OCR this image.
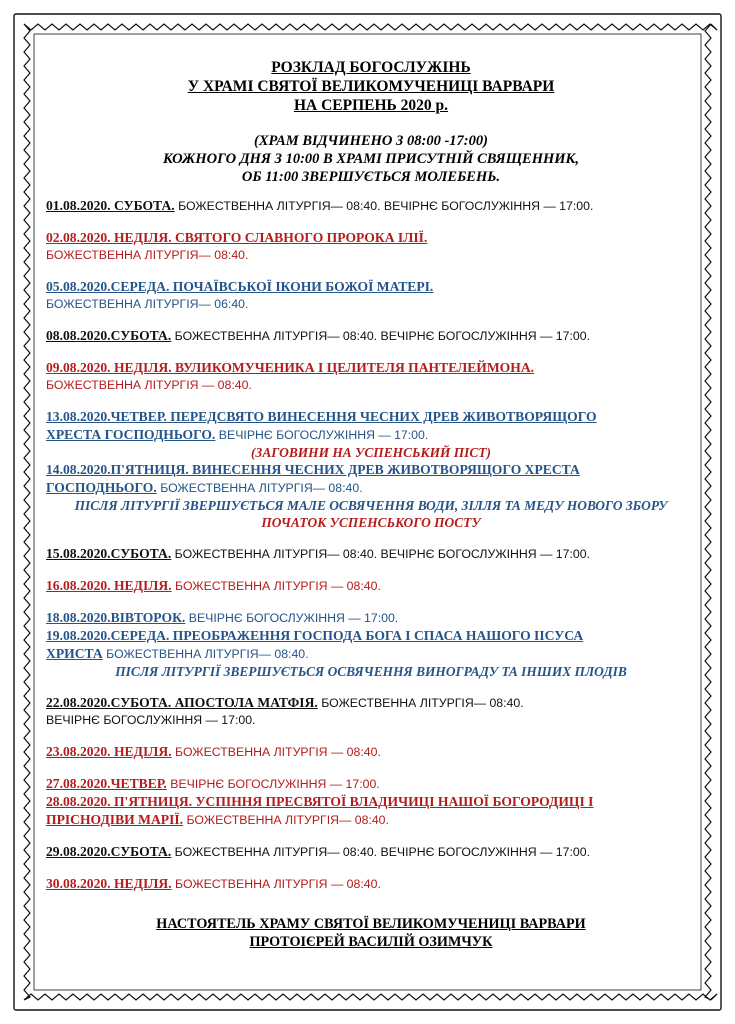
РОЗКЛАД БОГОСЛУЖІНЬ
У ХРАМІ СВЯТОЇ ВЕЛИКОМУЧЕНИЦІ ВАРВАРИ
НА СЕРПЕНЬ 2020 р.
(ХРАМ ВІДЧИНЕНО З 08:00 -17:00)
КОЖНОГО ДНЯ З 10:00 В ХРАМІ ПРИСУТНІЙ СВЯЩЕННИК,
ОБ 11:00 ЗВЕРШУЄТЬСЯ МОЛЕБЕНЬ.

01.08.2020. СУБОТА. БОЖЕСТВЕННА ЛІТУРГІЯ— 08:40. ВЕЧІРНЄ БОГОСЛУЖІННЯ — 17:00.

02.08.2020. НЕДІЛЯ. СВЯТОГО СЛАВНОГО ПРОРОКА ІЛІЇ.

БОЖЕСТВЕННА ЛІТУРГІЯ— 08:40.

05.08.2020.СЕРЕДА. ПОЧАЇВСЬКОЇ ІКОНИ БОЖОЇ МАТЕРІ.

БОЖЕСТВЕННА ЛІТУРГІЯ— 06:40.

08.08.2020.СУБОТА. БОЖЕСТВЕННА ЛІТУРГІЯ— 08:40. ВЕЧІРНЄ БОГОСЛУЖІННЯ — 17:00.

09.08.2020. НЕДІЛЯ. ВУЛИКОМУЧЕНИКА І ЦЕЛИТЕЛЯ ПАНТЕЛЕЙМОНА.

БОЖЕСТВЕННА ЛІТУРГІЯ — 08:40.

13.08.2020.ЧЕТВЕР. ПЕРЕДСВЯТО ВИНЕСЕННЯ ЧЕСНИХ ДРЕВ ЖИВОТВОРЯЩОГО

ХРЕСТА ГОСПОДНЬОГО. ВЕЧІРНЄ БОГОСЛУЖІННЯ — 17:00.

(ЗАГОВИНИ НА УСПЕНСЬКИЙ ПІСТ)

14.08.2020.П'ЯТНИЦЯ. ВИНЕСЕННЯ ЧЕСНИХ ДРЕВ ЖИВОТВОРЯЩОГО ХРЕСТА

ГОСПОДНЬОГО. БОЖЕСТВЕННА ЛІТУРГІЯ— 08:40.

ПІСЛЯ ЛІТУРГІЇ ЗВЕРШУЄТЬСЯ МАЛЕ ОСВЯЧЕННЯ ВОДИ, ЗІЛЛЯ ТА МЕДУ НОВОГО ЗБОРУ
ПОЧАТОК УСПЕНСЬКОГО ПОСТУ

15.08.2020.СУБОТА. БОЖЕСТВЕННА ЛІТУРГІЯ— 08:40. ВЕЧІРНЄ БОГОСЛУЖІННЯ — 17:00.

16.08.2020. НЕДІЛЯ. БОЖЕСТВЕННА ЛІТУРГІЯ — 08:40.

18.08.2020.ВІВТОРОК. ВЕЧІРНЄ БОГОСЛУЖІННЯ — 17:00.

19.08.2020.СЕРЕДА. ПРЕОБРАЖЕННЯ ГОСПОДА БОГА І СПАСА НАШОГО ІІСУСА

ХРИСТА БОЖЕСТВЕННА ЛІТУРГІЯ— 08:40.

ПІСЛЯ ЛІТУРГІЇ ЗВЕРШУЄТЬСЯ ОСВЯЧЕННЯ ВИНОГРАДУ ТА ІНШИХ ПЛОДІВ

22.08.2020.СУБОТА. АПОСТОЛА МАТФІЯ. БОЖЕСТВЕННА ЛІТУРГІЯ— 08:40.

ВЕЧІРНЄ БОГОСЛУЖІННЯ — 17:00.

23.08.2020. НЕДІЛЯ. БОЖЕСТВЕННА ЛІТУРГІЯ — 08:40.

27.08.2020.ЧЕТВЕР. ВЕЧІРНЄ БОГОСЛУЖІННЯ — 17:00.

28.08.2020. П'ЯТНИЦЯ. УСПІННЯ ПРЕСВЯТОЇ ВЛАДИЧИЦІ НАШОЇ БОГОРОДИЦІ І

ПРІСНОДІВИ МАРІЇ. БОЖЕСТВЕННА ЛІТУРГІЯ— 08:40.

29.08.2020.СУБОТА. БОЖЕСТВЕННА ЛІТУРГІЯ— 08:40. ВЕЧІРНЄ БОГОСЛУЖІННЯ — 17:00.

30.08.2020. НЕДІЛЯ. БОЖЕСТВЕННА ЛІТУРГІЯ — 08:40.

НАСТОЯТЕЛЬ ХРАМУ СВЯТОЇ ВЕЛИКОМУЧЕНИЦІ ВАРВАРИ
ПРОТОІЄРЕЙ ВАСИЛІЙ ОЗИМЧУК
